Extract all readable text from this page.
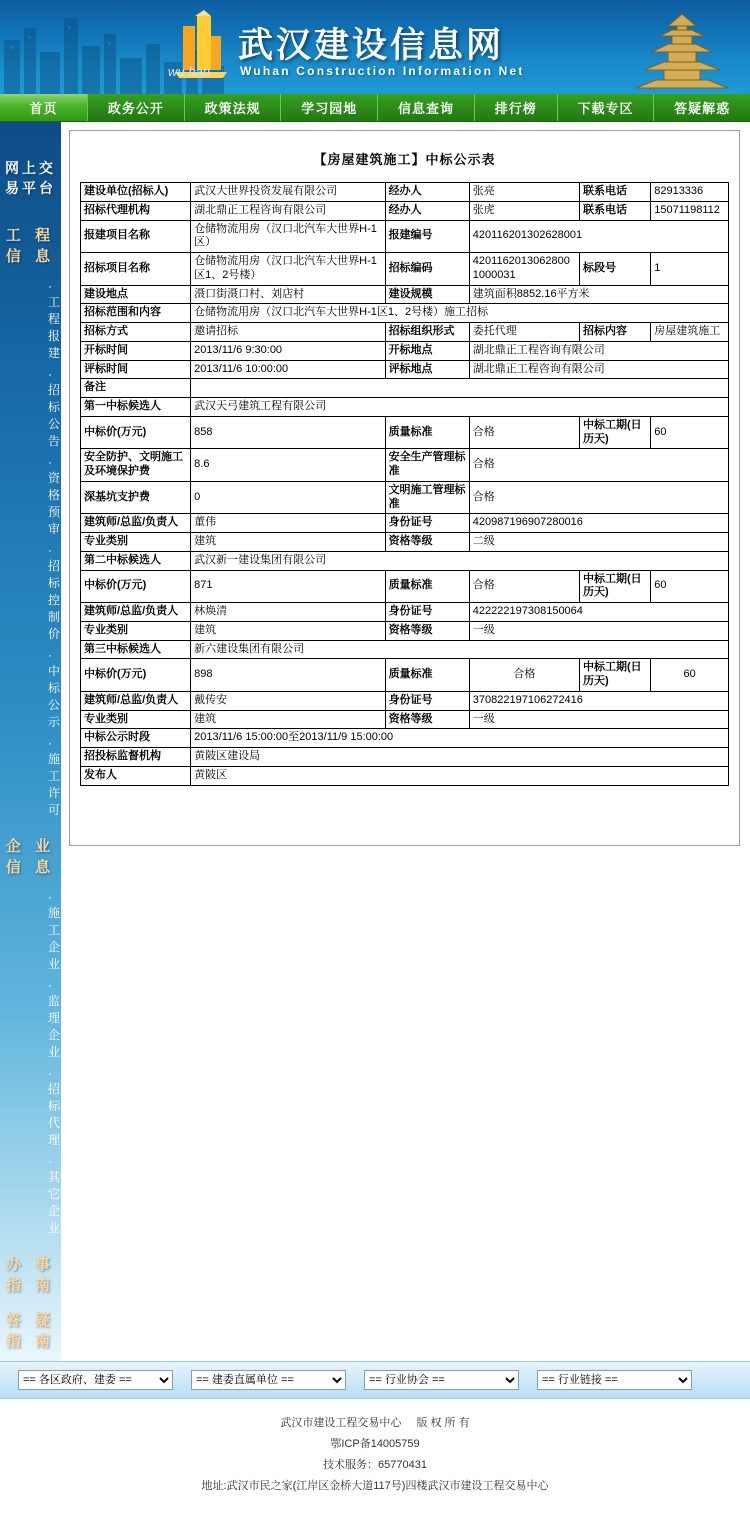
wu han
武汉建设信息网
Wuhan Construction Information Net
首页	政务公开	政策法规	学习园地	信息查询	排行榜	下载专区	答疑解惑
网上交易平台
工 程 信 息
· 工程报建
· 招标公告
· 资格预审
· 招标控制价
· 中标公示
· 施工许可
企 业 信 息
· 施工企业
· 监理企业
· 招标代理
· 其它企业
办 事 指 南
答 疑 指 南
【房屋建筑施工】中标公示表
建设单位(招标人)	武汉大世界投资发展有限公司	经办人	张亮	联系电话	82913336
招标代理机构	湖北鼎正工程咨询有限公司	经办人	张虎	联系电话	15071198112
报建项目名称	仓储物流用房（汉口北汽车大世界H-1区）	报建编号	420116201302628001		
招标项目名称	仓储物流用房（汉口北汽车大世界H-1区1、2号楼）	招标编码	42011620130628001000031	标段号	1
建设地点	滠口街滠口村、刘店村	建设规模	建筑面积8852.16平方米		
招标范围和内容	仓储物流用房（汉口北汽车大世界H-1区1、2号楼）施工招标				
招标方式	邀请招标	招标组织形式	委托代理	招标内容	房屋建筑施工
开标时间	2013/11/6 9:30:00	开标地点	湖北鼎正工程咨询有限公司		
评标时间	2013/11/6 10:00:00	评标地点	湖北鼎正工程咨询有限公司		
备注					
第一中标候选人	武汉天弓建筑工程有限公司				
中标价(万元)	858	质量标准	合格	中标工期(日历天)	60
安全防护、文明施工及环境保护费	8.6	安全生产管理标准	合格		
深基坑支护费	0	文明施工管理标准	合格		
建筑师/总监/负责人	董伟	身份证号	420987196907280016		
专业类别	建筑	资格等级	二级		
第二中标候选人	武汉新一建设集团有限公司				
中标价(万元)	871	质量标准	合格	中标工期(日历天)	60
建筑师/总监/负责人	林焕清	身份证号	422222197308150064		
专业类别	建筑	资格等级	一级		
第三中标候选人	新六建设集团有限公司				
中标价(万元)	898	质量标准	合格	中标工期(日历天)	60
建筑师/总监/负责人	戴传安	身份证号	370822197106272416		
专业类别	建筑	资格等级	一级		
中标公示时段	2013/11/6 15:00:00至2013/11/9 15:00:00				
招投标监督机构	黄陂区建设局				
发布人	黄陂区				
== 各区政府、建委 ==
== 建委直属单位 ==
== 行业协会 ==
== 行业链接 ==
武汉市建设工程交易中心 版 权 所 有
鄂ICP备14005759
技术服务：65770431
地址:武汉市民之家(江岸区金桥大道117号)四楼武汉市建设工程交易中心
